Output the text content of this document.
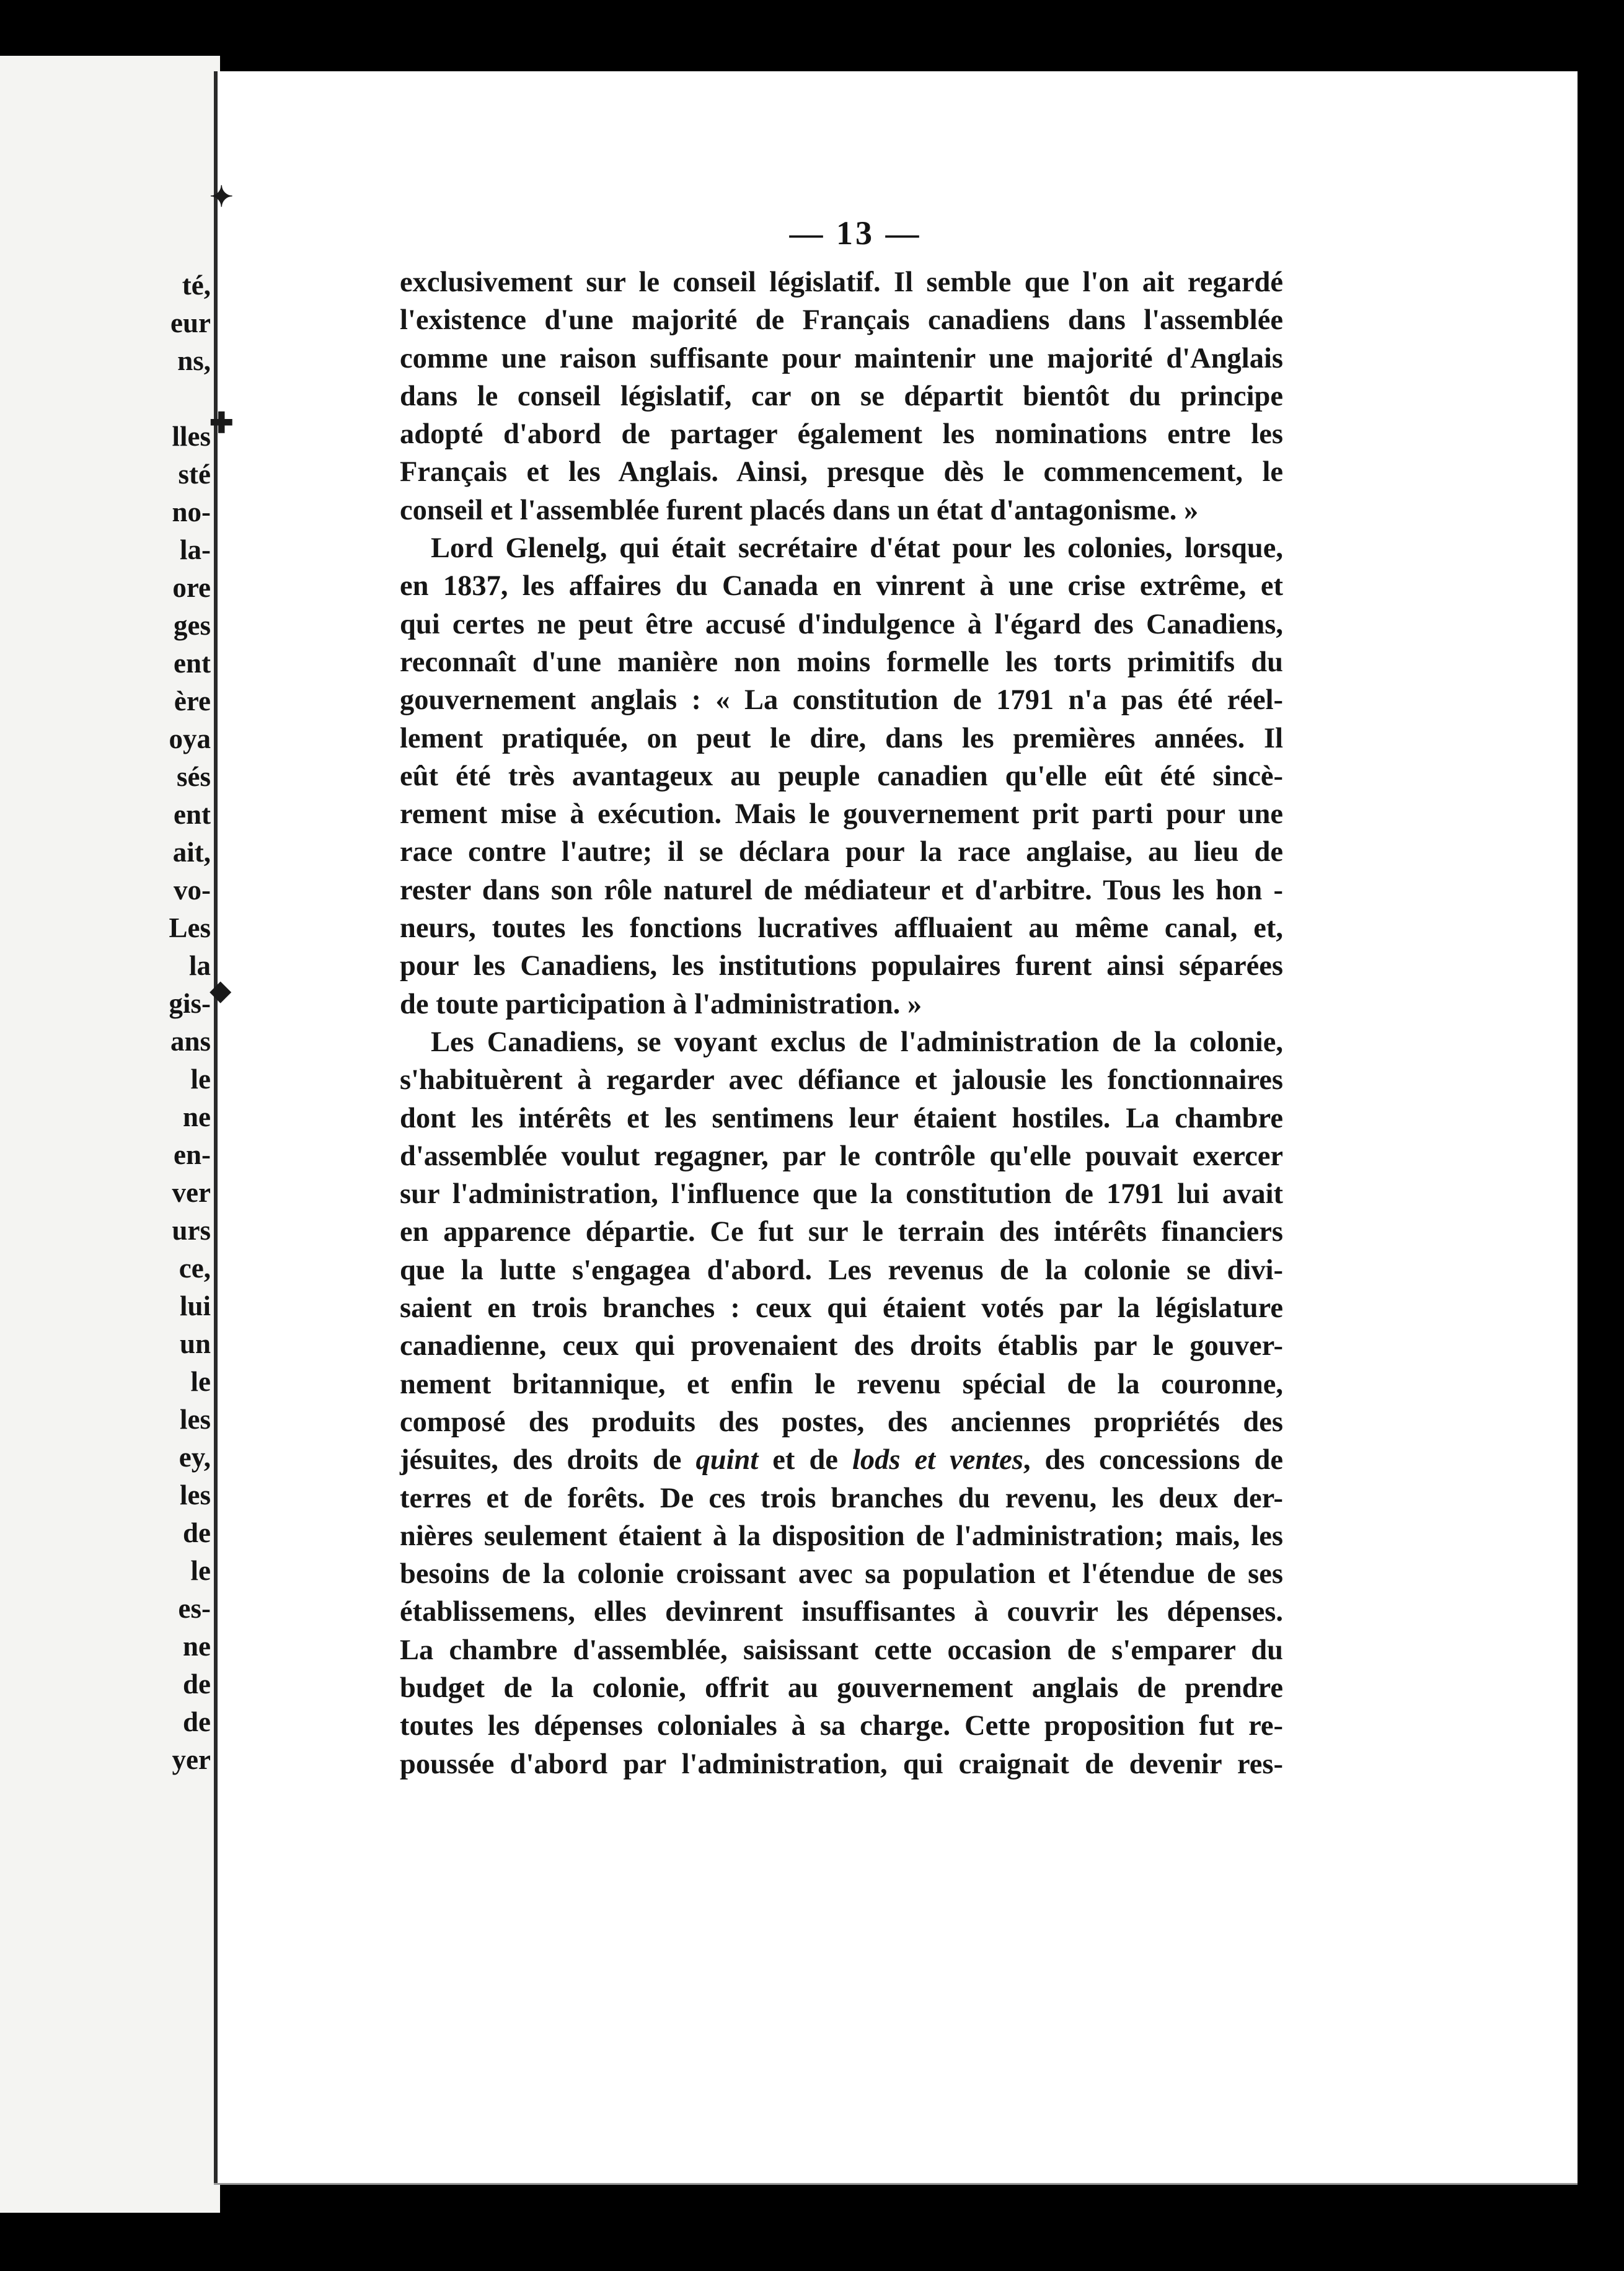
té,
eur
ns,

lles
sté
no-
la-
ore
ges
ent
ère
oya
sés
ent
ait,
vo-
Les
la
gis-
ans
le
ne
en-
ver
urs
ce,
lui
un
le
les
ey,
les
de
le
es-
ne
de
de
yer
✦
✚
◆
— 13 —
exclusivement sur le conseil législatif. Il semble que l'on ait regardé
l'existence d'une majorité de Français canadiens dans l'assemblée
comme une raison suffisante pour maintenir une majorité d'Anglais
dans le conseil législatif, car on se départit bientôt du principe
adopté d'abord de partager également les nominations entre les
Français et les Anglais. Ainsi, presque dès le commencement, le
conseil et l'assemblée furent placés dans un état d'antagonisme. »
Lord Glenelg, qui était secrétaire d'état pour les colonies, lorsque,
en 1837, les affaires du Canada en vinrent à une crise extrême, et
qui certes ne peut être accusé d'indulgence à l'égard des Canadiens,
reconnaît d'une manière non moins formelle les torts primitifs du
gouvernement anglais : « La constitution de 1791 n'a pas été réel-
lement pratiquée, on peut le dire, dans les premières années. Il
eût été très avantageux au peuple canadien qu'elle eût été sincè-
rement mise à exécution. Mais le gouvernement prit parti pour une
race contre l'autre; il se déclara pour la race anglaise, au lieu de
rester dans son rôle naturel de médiateur et d'arbitre. Tous les hon -
neurs, toutes les fonctions lucratives affluaient au même canal, et,
pour les Canadiens, les institutions populaires furent ainsi séparées
de toute participation à l'administration. »
Les Canadiens, se voyant exclus de l'administration de la colonie,
s'habituèrent à regarder avec défiance et jalousie les fonctionnaires
dont les intérêts et les sentimens leur étaient hostiles. La chambre
d'assemblée voulut regagner, par le contrôle qu'elle pouvait exercer
sur l'administration, l'influence que la constitution de 1791 lui avait
en apparence départie. Ce fut sur le terrain des intérêts financiers
que la lutte s'engagea d'abord. Les revenus de la colonie se divi-
saient en trois branches : ceux qui étaient votés par la législature
canadienne, ceux qui provenaient des droits établis par le gouver-
nement britannique, et enfin le revenu spécial de la couronne,
composé des produits des postes, des anciennes propriétés des
jésuites, des droits de quint et de lods et ventes, des concessions de
terres et de forêts. De ces trois branches du revenu, les deux der-
nières seulement étaient à la disposition de l'administration; mais, les
besoins de la colonie croissant avec sa population et l'étendue de ses
établissemens, elles devinrent insuffisantes à couvrir les dépenses.
La chambre d'assemblée, saisissant cette occasion de s'emparer du
budget de la colonie, offrit au gouvernement anglais de prendre
toutes les dépenses coloniales à sa charge. Cette proposition fut re-
poussée d'abord par l'administration, qui craignait de devenir res-
